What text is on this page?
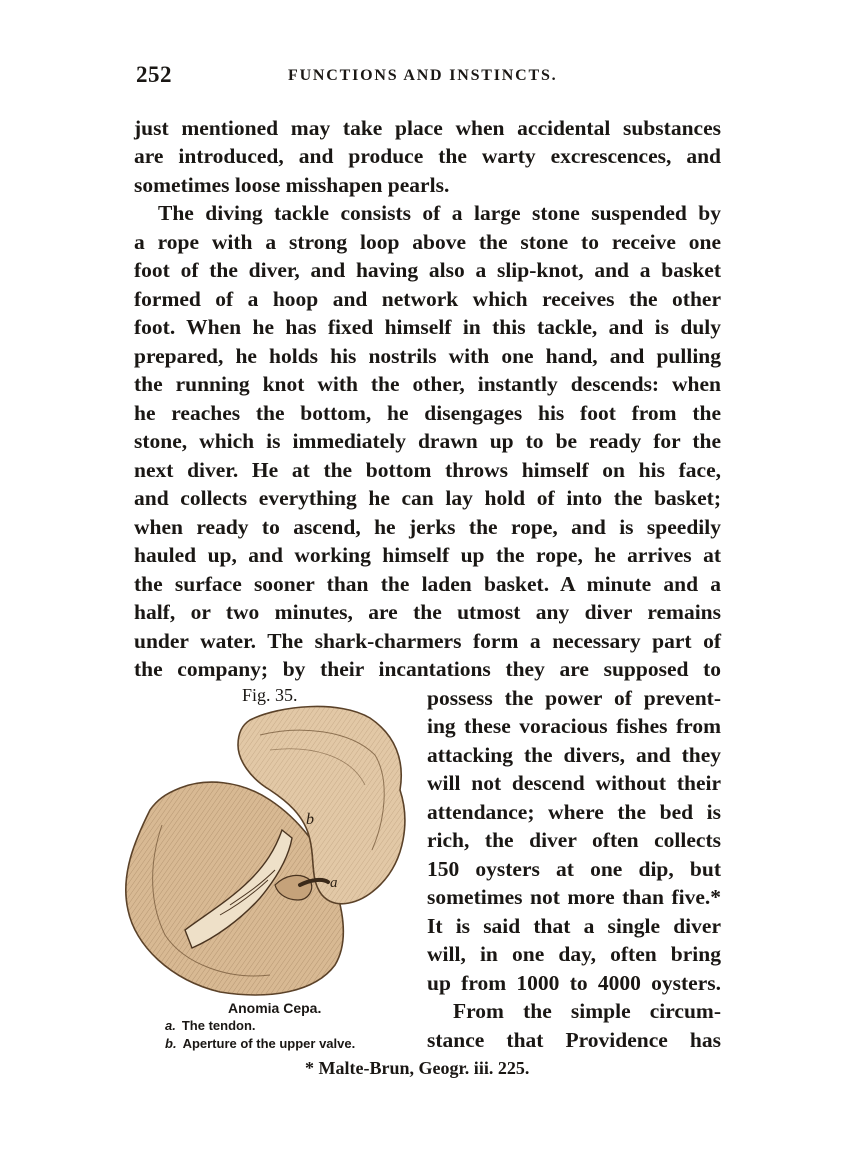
252	FUNCTIONS AND INSTINCTS.
just mentioned may take place when accidental substances
are introduced, and produce the warty excrescences, and
sometimes loose misshapen pearls.
The diving tackle consists of a large stone suspended by
a rope with a strong loop above the stone to receive one
foot of the diver, and having also a slip-knot, and a basket
formed of a hoop and network which receives the other
foot. When he has fixed himself in this tackle, and is duly
prepared, he holds his nostrils with one hand, and pulling
the running knot with the other, instantly descends: when
he reaches the bottom, he disengages his foot from the
stone, which is immediately drawn up to be ready for the
next diver. He at the bottom throws himself on his face,
and collects everything he can lay hold of into the basket;
when ready to ascend, he jerks the rope, and is speedily
hauled up, and working himself up the rope, he arrives at
the surface sooner than the laden basket. A minute and a
half, or two minutes, are the utmost any diver remains
under water. The shark-charmers form a necessary part of
the company; by their incantations they are supposed to
Fig. 35.
b
a
possess the power of prevent-
ing these voracious fishes from
attacking the divers, and they
will not descend without their
attendance; where the bed is
rich, the diver often collects
150 oysters at one dip, but
sometimes not more than five.*
It is said that a single diver
will, in one day, often bring
up from 1000 to 4000 oysters.
From the simple circum-
stance that Providence has
Anomia Cepa.
a. The tendon.
b. Aperture of the upper valve.
* Malte-Brun, Geogr. iii. 225.
